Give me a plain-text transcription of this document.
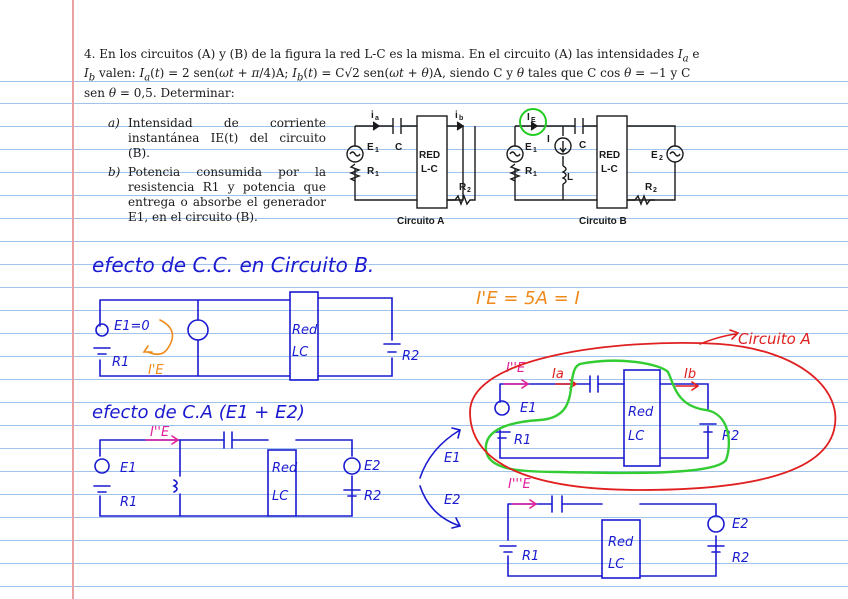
4. En los circuitos (A) y (B) de la figura la red L-C es la misma. En el circuito (A) las intensidades $I_a$ e $I_b$ valen: $I_a(t) = 2$ sen(ωt + π/4)A; $I_b(t) = C√2$ sen(ωt + θ)A, siendo C y θ tales que C cos θ = −1 y C sen θ = 0,5. Determinar:
a) Intensidad de corriente instantánea IE(t) del circuito (B).
b) Potencia consumida por la resistencia R1 y potencia que entrega o absorbe el generador E1, en el circuito (B).
i a	i b
E 1 C
R 1
RED
L-C
R 2
Circuito A
I E
I
C
L
E 1
R 1
RED
L-C
E 2
R 2
Circuito B
efecto de C.C. en Circuito B.
I'E = 5A = I
efecto de C.A (E1 + E2)
Circuito A
E1=0
R1
Red
LC	R2
E1
R1
Red
LC
E2
R2
E1
E2
E1
R1
Red
LC	R2
R1
Red
LC
E2
R2
I'E
I''E
I''E Ia	Ib
I'''E
